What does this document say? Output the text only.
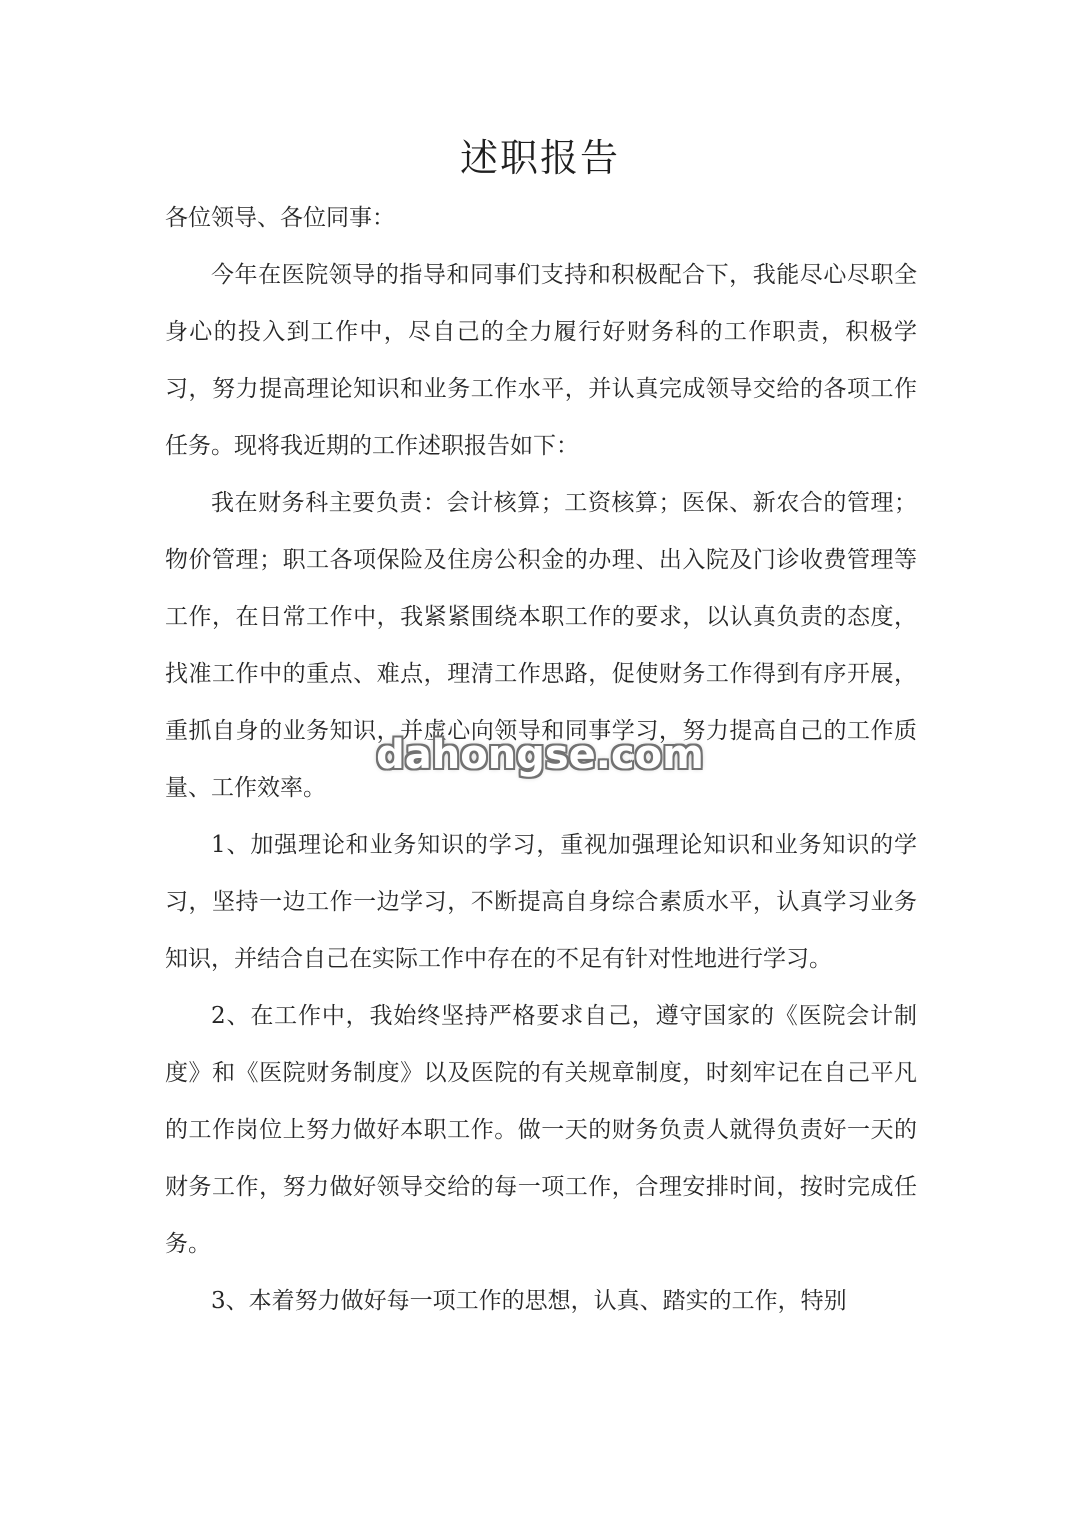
述职报告

各位领导、各位同事：

今年在医院领导的指导和同事们支持和积极配合下，我能尽心尽职全身心的投入到工作中，尽自己的全力履行好财务科的工作职责，积极学习，努力提高理论知识和业务工作水平，并认真完成领导交给的各项工作任务。现将我近期的工作述职报告如下：

我在财务科主要负责：会计核算；工资核算；医保、新农合的管理；物价管理；职工各项保险及住房公积金的办理、出入院及门诊收费管理等工作，在日常工作中，我紧紧围绕本职工作的要求，以认真负责的态度，找准工作中的重点、难点，理清工作思路，促使财务工作得到有序开展，重抓自身的业务知识，并虚心向领导和同事学习，努力提高自己的工作质量、工作效率。

1、加强理论和业务知识的学习，重视加强理论知识和业务知识的学习，坚持一边工作一边学习，不断提高自身综合素质水平，认真学习业务知识，并结合自己在实际工作中存在的不足有针对性地进行学习。

2、在工作中，我始终坚持严格要求自己，遵守国家的《医院会计制度》和《医院财务制度》以及医院的有关规章制度，时刻牢记在自己平凡的工作岗位上努力做好本职工作。做一天的财务负责人就得负责好一天的财务工作，努力做好领导交给的每一项工作，合理安排时间，按时完成任务。

3、本着努力做好每一项工作的思想，认真、踏实的工作，特别

dahongse.com
